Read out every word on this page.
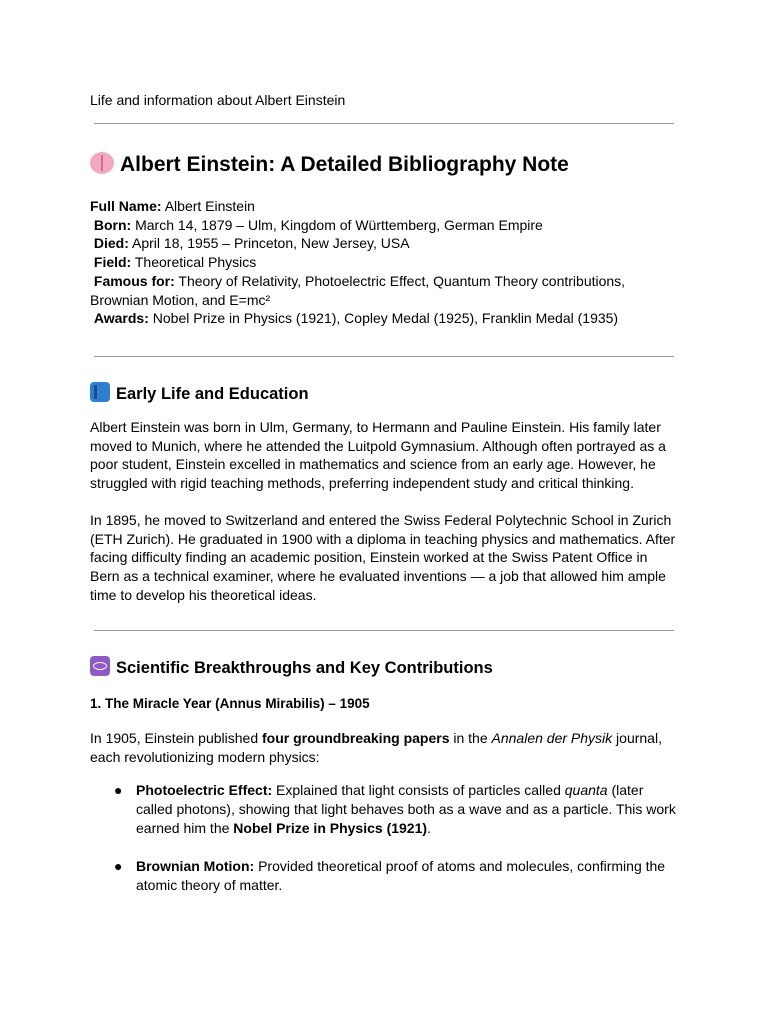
Life and information about Albert Einstein
Albert Einstein: A Detailed Bibliography Note
Full Name: Albert Einstein
Born: March 14, 1879 – Ulm, Kingdom of Württemberg, German Empire
Died: April 18, 1955 – Princeton, New Jersey, USA
Field: Theoretical Physics
Famous for: Theory of Relativity, Photoelectric Effect, Quantum Theory contributions, Brownian Motion, and E=mc²
Awards: Nobel Prize in Physics (1921), Copley Medal (1925), Franklin Medal (1935)
Early Life and Education
Albert Einstein was born in Ulm, Germany, to Hermann and Pauline Einstein. His family later moved to Munich, where he attended the Luitpold Gymnasium. Although often portrayed as a poor student, Einstein excelled in mathematics and science from an early age. However, he struggled with rigid teaching methods, preferring independent study and critical thinking.
In 1895, he moved to Switzerland and entered the Swiss Federal Polytechnic School in Zurich (ETH Zurich). He graduated in 1900 with a diploma in teaching physics and mathematics. After facing difficulty finding an academic position, Einstein worked at the Swiss Patent Office in Bern as a technical examiner, where he evaluated inventions — a job that allowed him ample time to develop his theoretical ideas.
Scientific Breakthroughs and Key Contributions
1. The Miracle Year (Annus Mirabilis) – 1905
In 1905, Einstein published four groundbreaking papers in the Annalen der Physik journal, each revolutionizing modern physics:
● Photoelectric Effect: Explained that light consists of particles called quanta (later called photons), showing that light behaves both as a wave and as a particle. This work earned him the Nobel Prize in Physics (1921).
● Brownian Motion: Provided theoretical proof of atoms and molecules, confirming the atomic theory of matter.
